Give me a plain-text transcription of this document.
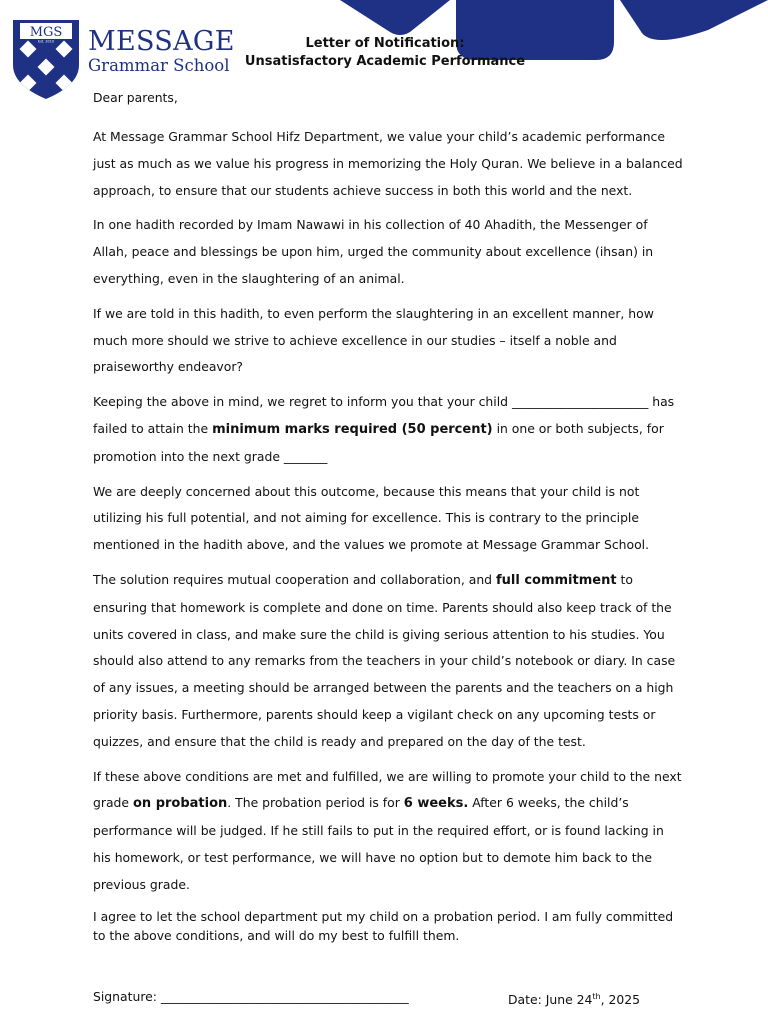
MGS
Est. 2010 MESSAGE
Grammar School
Letter of Notification:
Unsatisfactory Academic Performance

Dear parents,

At Message Grammar School Hifz Department, we value your child’s academic performance just as much as we value his progress in memorizing the Holy Quran. We believe in a balanced approach, to ensure that our students achieve success in both this world and the next.

In one hadith recorded by Imam Nawawi in his collection of 40 Ahadith, the Messenger of Allah, peace and blessings be upon him, urged the community about excellence (ihsan) in everything, even in the slaughtering of an animal.

If we are told in this hadith, to even perform the slaughtering in an excellent manner, how much more should we strive to achieve excellence in our studies – itself a noble and praiseworthy endeavor?

Keeping the above in mind, we regret to inform you that your child ______________________ has failed to attain the minimum marks required (50 percent) in one or both subjects, for promotion into the next grade _______

We are deeply concerned about this outcome, because this means that your child is not utilizing his full potential, and not aiming for excellence. This is contrary to the principle mentioned in the hadith above, and the values we promote at Message Grammar School.

The solution requires mutual cooperation and collaboration, and full commitment to ensuring that homework is complete and done on time. Parents should also keep track of the units covered in class, and make sure the child is giving serious attention to his studies. You should also attend to any remarks from the teachers in your child’s notebook or diary. In case of any issues, a meeting should be arranged between the parents and the teachers on a high priority basis. Furthermore, parents should keep a vigilant check on any upcoming tests or quizzes, and ensure that the child is ready and prepared on the day of the test.

If these above conditions are met and fulfilled, we are willing to promote your child to the next grade on probation. The probation period is for 6 weeks. After 6 weeks, the child’s performance will be judged. If he still fails to put in the required effort, or is found lacking in his homework, or test performance, we will have no option but to demote him back to the previous grade.

I agree to let the school department put my child on a probation period. I am fully committed to the above conditions, and will do my best to fulfill them.

Signature: ________________________________________	Date: June 24th, 2025
